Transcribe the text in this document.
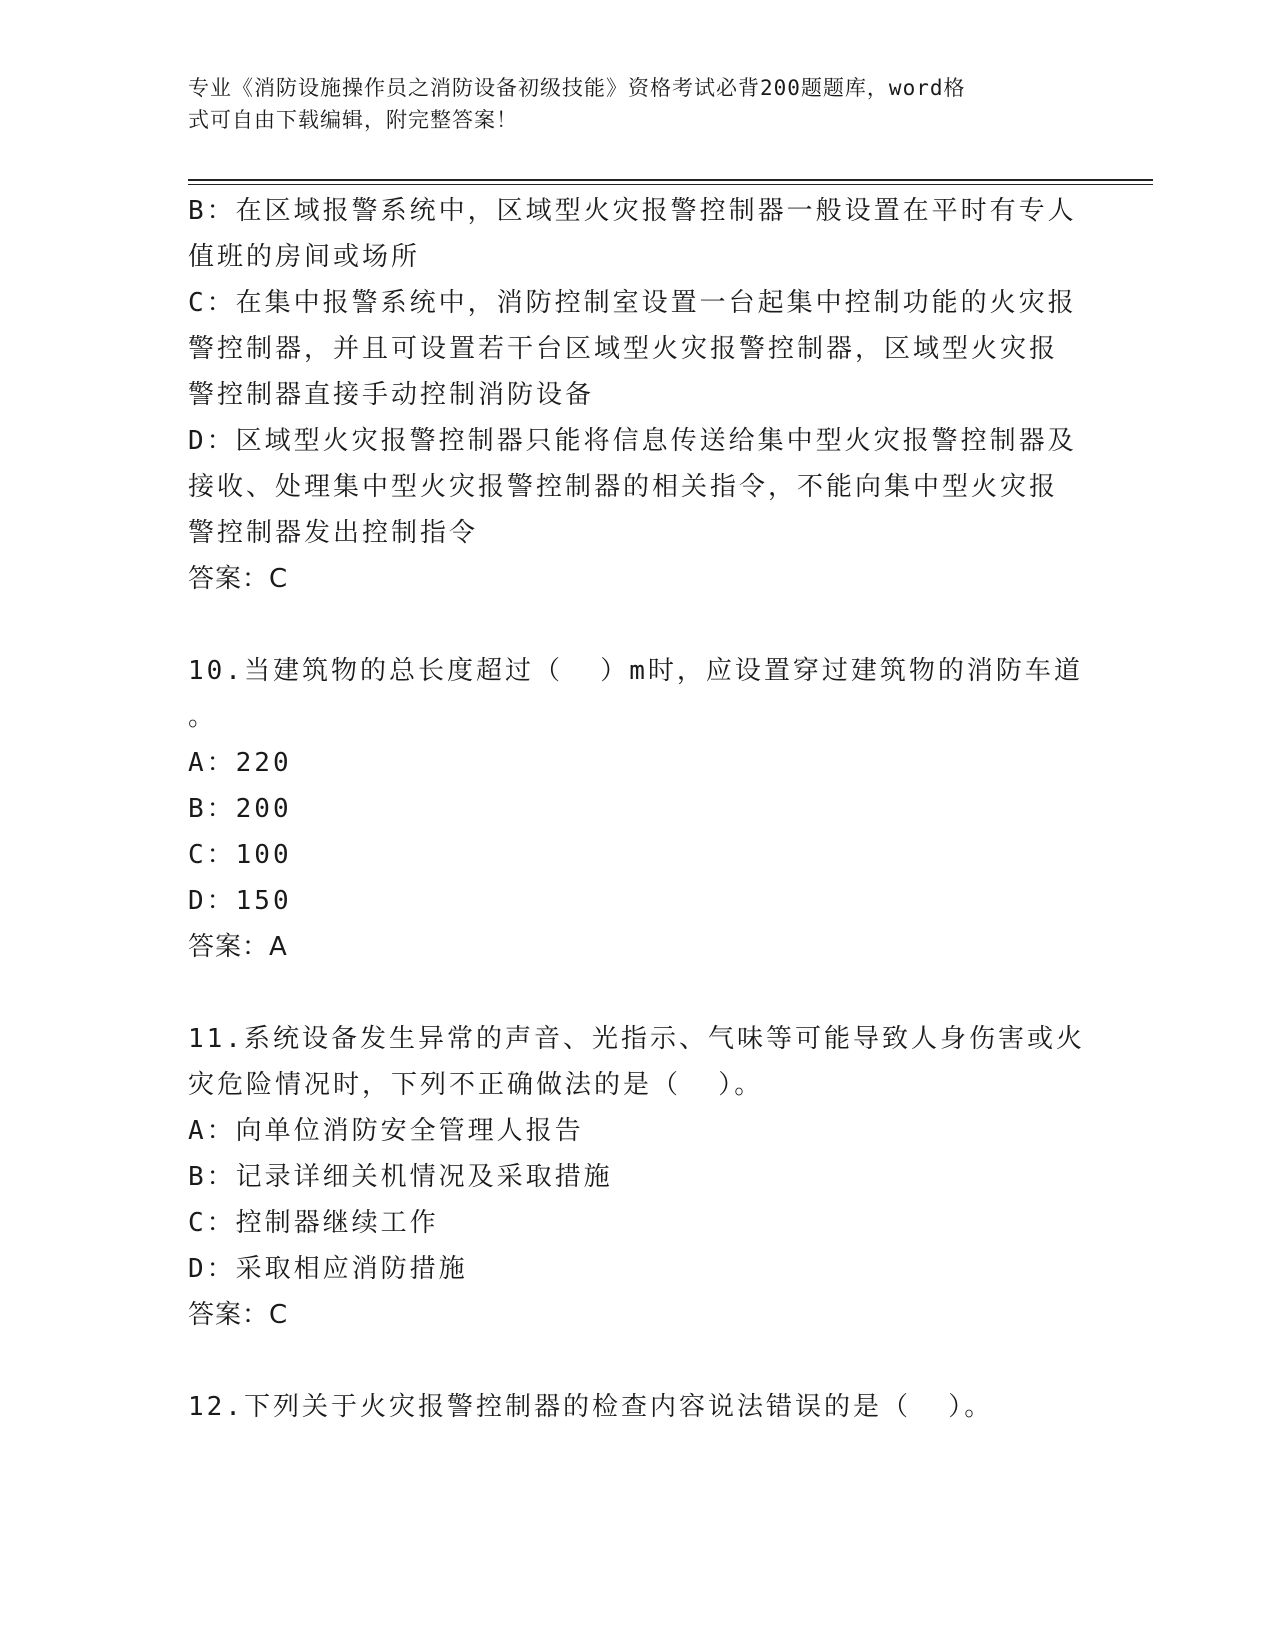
专业《消防设施操作员之消防设备初级技能》资格考试必背200题题库，word格
式可自由下载编辑，附完整答案！
B：在区域报警系统中，区域型火灾报警控制器一般设置在平时有专人
值班的房间或场所
C：在集中报警系统中，消防控制室设置一台起集中控制功能的火灾报
警控制器，并且可设置若干台区域型火灾报警控制器，区域型火灾报
警控制器直接手动控制消防设备
D：区域型火灾报警控制器只能将信息传送给集中型火灾报警控制器及
接收、处理集中型火灾报警控制器的相关指令，不能向集中型火灾报
警控制器发出控制指令
答案：C
10.当建筑物的总长度超过（  ）m时，应设置穿过建筑物的消防车道
。
A：220
B：200
C：100
D：150
答案：A
11.系统设备发生异常的声音、光指示、气味等可能导致人身伤害或火
灾危险情况时，下列不正确做法的是（  ）。
A：向单位消防安全管理人报告
B：记录详细关机情况及采取措施
C：控制器继续工作
D：采取相应消防措施
答案：C
12.下列关于火灾报警控制器的检查内容说法错误的是（  ）。
